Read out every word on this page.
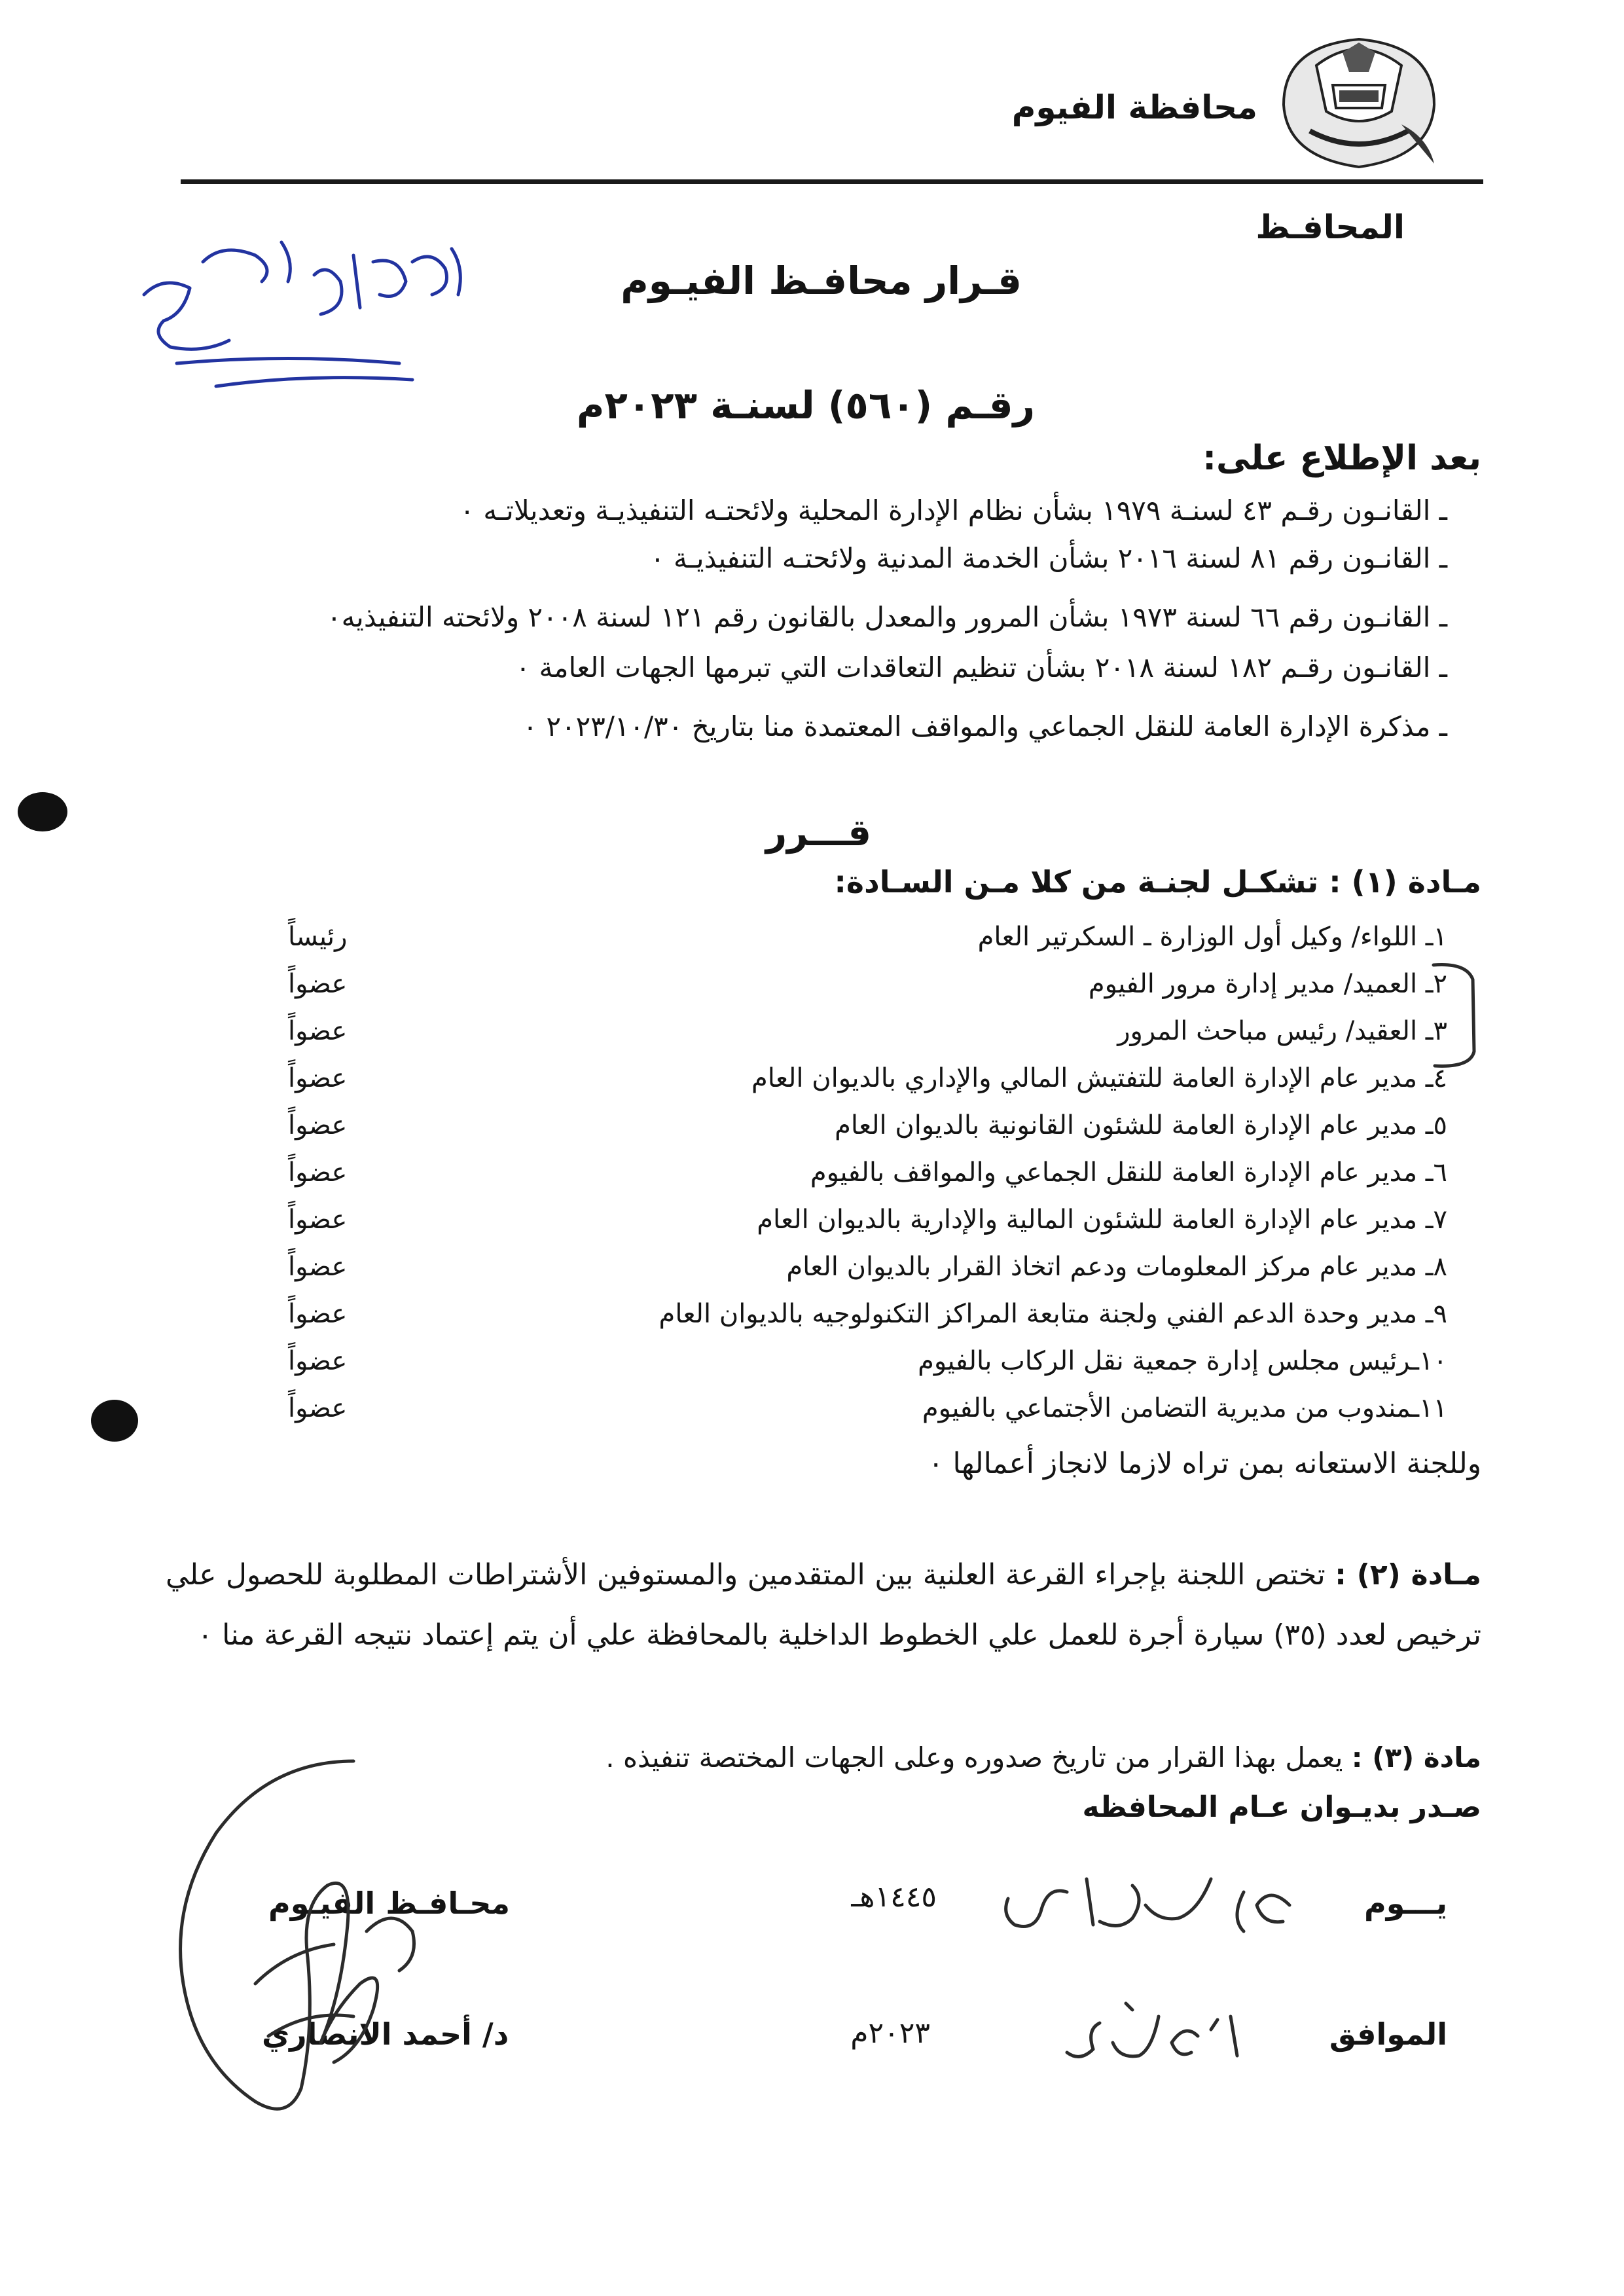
محافظة الفيوم
المحافـظ
قـرار محافـظ الفيـوم
رقـم (٥٦٠) لسنـة ٢٠٢٣م
بعد الإطلاع على:
ـ القانـون رقـم ٤٣ لسنـة ١٩٧٩ بشأن نظام الإدارة المحلية ولائحتـه التنفيذيـة وتعديلاتـه ٠
ـ القانـون رقم ٨١ لسنة ٢٠١٦ بشأن الخدمة المدنية ولائحتـه التنفيذيـة ٠
ـ القانـون رقم ٦٦ لسنة ١٩٧٣ بشأن المرور والمعدل بالقانون رقم ١٢١ لسنة ٢٠٠٨ ولائحته التنفيذيه٠
ـ القانـون رقـم ١٨٢ لسنة ٢٠١٨ بشأن تنظيم التعاقدات التي تبرمها الجهات العامة ٠
ـ مذكرة الإدارة العامة للنقل الجماعي والمواقف المعتمدة منا بتاريخ ٢٠٢٣/١٠/٣٠ ٠
قـــرر
مـادة (١) : تشكـل لجنـة من كلا مـن السـادة:
١ـ اللواء/ وكيل أول الوزارة ـ السكرتير العام
رئيساً
٢ـ العميد/ مدير إدارة مرور الفيوم
عضواً
٣ـ العقيد/ رئيس مباحث المرور
عضواً
٤ـ مدير عام الإدارة العامة للتفتيش المالي والإداري بالديوان العام
عضواً
٥ـ مدير عام الإدارة العامة للشئون القانونية بالديوان العام
عضواً
٦ـ مدير عام الإدارة العامة للنقل الجماعي والمواقف بالفيوم
عضواً
٧ـ مدير عام الإدارة العامة للشئون المالية والإدارية بالديوان العام
عضواً
٨ـ مدير عام مركز المعلومات ودعم اتخاذ القرار بالديوان العام
عضواً
٩ـ مدير وحدة الدعم الفني ولجنة متابعة المراكز التكنولوجيه بالديوان العام
عضواً
١٠ـرئيس مجلس إدارة جمعية نقل الركاب بالفيوم
عضواً
١١ـمندوب من مديرية التضامن الأجتماعي بالفيوم
عضواً
وللجنة الاستعانه بمن تراه لازما لانجاز أعمالها ٠
مـادة (٢) : تختص اللجنة بإجراء القرعة العلنية بين المتقدمين والمستوفين الأشتراطات المطلوبة للحصول علي ترخيص لعدد (٣٥) سيارة أجرة للعمل علي الخطوط الداخلية بالمحافظة علي أن يتم إعتماد نتيجه القرعة منا ٠
مادة (٣) : يعمل بهذا القرار من تاريخ صدوره وعلى الجهات المختصة تنفيذه .
صـدر بديـوان عـام المحافظه
يـــوم
١٤٤٥هـ
الموافق
٢٠٢٣م
محـافـظ الفيـوم
د/ أحمد الانصاري
